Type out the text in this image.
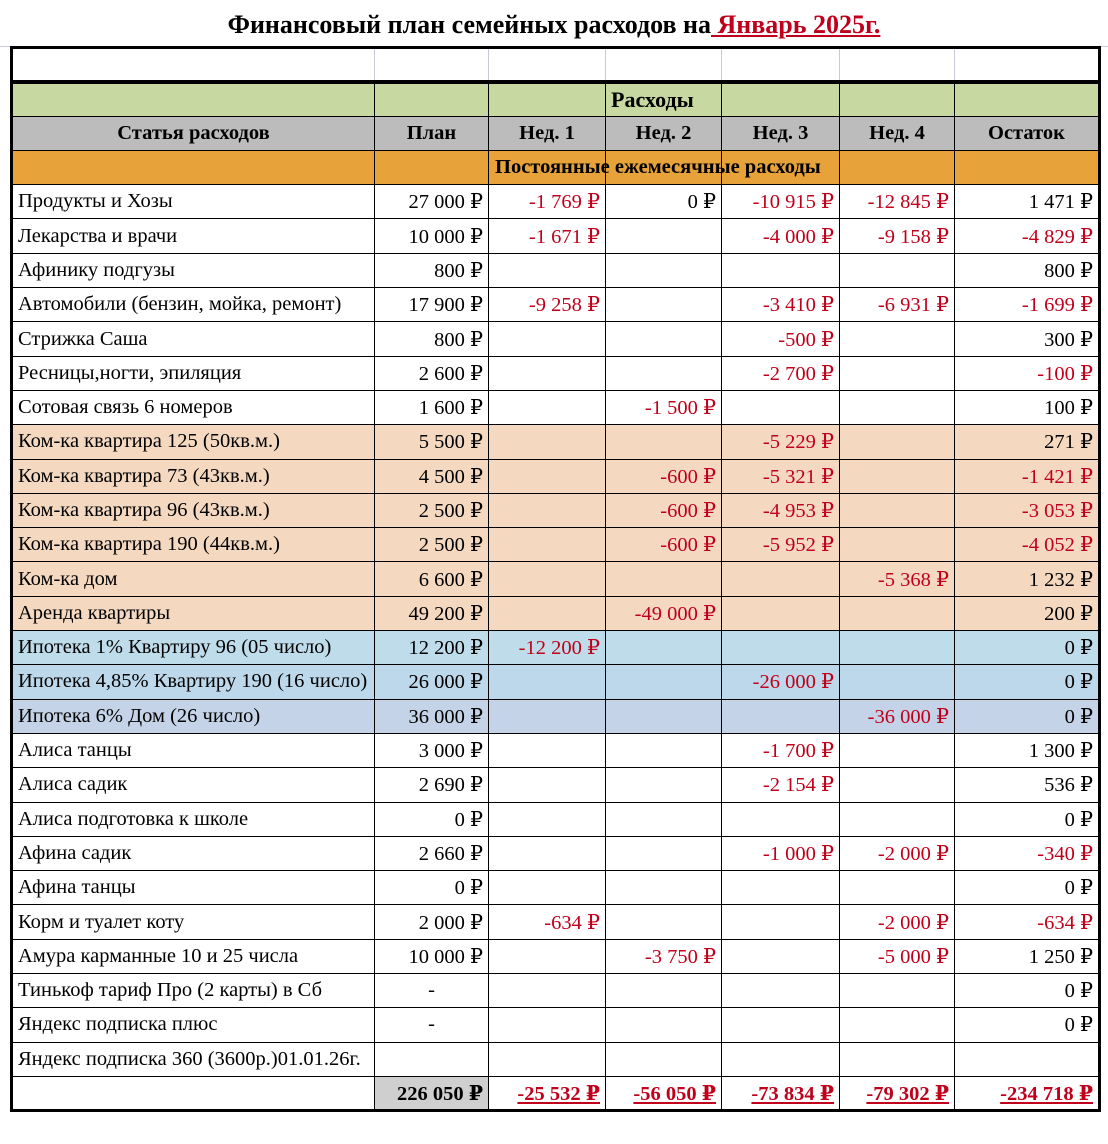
Финансовый план семейных расходов на Январь 2025г.

			Расходы			
Статья расходов	План	Нед. 1	Нед. 2	Нед. 3	Нед. 4	Остаток

		Постоянные ежемесячные расходы				

Продукты и Хозы	27 000 ₽	-1 769 ₽	0 ₽	-10 915 ₽	-12 845 ₽	1 471 ₽
Лекарства и врачи	10 000 ₽	-1 671 ₽		-4 000 ₽	-9 158 ₽	-4 829 ₽
Афинику подгузы	800 ₽					800 ₽
Автомобили (бензин, мойка, ремонт)	17 900 ₽	-9 258 ₽		-3 410 ₽	-6 931 ₽	-1 699 ₽
Стрижка Саша	800 ₽			-500 ₽		300 ₽
Ресницы,ногти, эпиляция	2 600 ₽			-2 700 ₽		-100 ₽
Сотовая связь 6 номеров	1 600 ₽		-1 500 ₽			100 ₽
Ком-ка квартира 125 (50кв.м.)	5 500 ₽			-5 229 ₽		271 ₽
Ком-ка квартира 73 (43кв.м.)	4 500 ₽		-600 ₽	-5 321 ₽		-1 421 ₽
Ком-ка квартира 96 (43кв.м.)	2 500 ₽		-600 ₽	-4 953 ₽		-3 053 ₽
Ком-ка квартира 190 (44кв.м.)	2 500 ₽		-600 ₽	-5 952 ₽		-4 052 ₽
Ком-ка дом	6 600 ₽				-5 368 ₽	1 232 ₽
Аренда квартиры	49 200 ₽		-49 000 ₽			200 ₽
Ипотека 1% Квартиру 96 (05 число)	12 200 ₽	-12 200 ₽				0 ₽
Ипотека 4,85% Квартиру 190 (16 число)	26 000 ₽			-26 000 ₽		0 ₽
Ипотека 6% Дом (26 число)	36 000 ₽				-36 000 ₽	0 ₽
Алиса танцы	3 000 ₽			-1 700 ₽		1 300 ₽
Алиса садик	2 690 ₽			-2 154 ₽		536 ₽
Алиса подготовка к школе	0 ₽					0 ₽
Афина садик	2 660 ₽			-1 000 ₽	-2 000 ₽	-340 ₽
Афина танцы	0 ₽					0 ₽
Корм и туалет коту	2 000 ₽	-634 ₽			-2 000 ₽	-634 ₽
Амура карманные 10 и 25 числа	10 000 ₽		-3 750 ₽		-5 000 ₽	1 250 ₽
Тинькоф тариф Про (2 карты) в Сб	-					0 ₽
Яндекс подписка плюс	-					0 ₽
Яндекс подписка 360 (3600р.)01.01.26г.						
	226 050 ₽	-25 532 ₽	-56 050 ₽	-73 834 ₽	-79 302 ₽	-234 718 ₽
